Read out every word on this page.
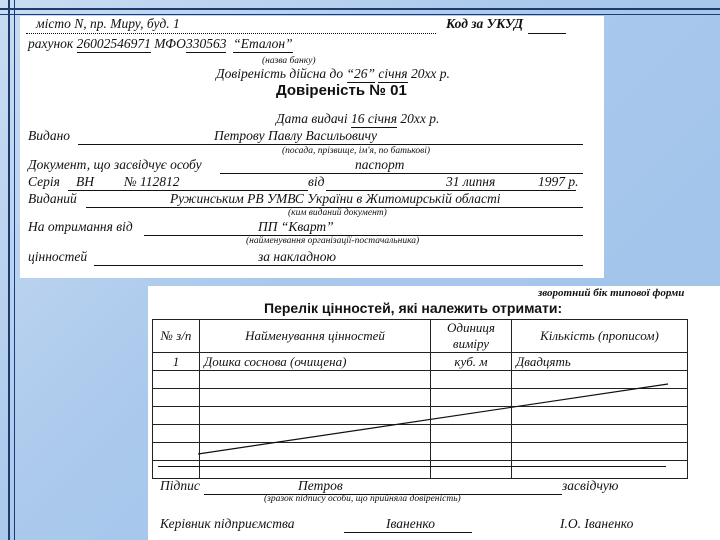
місто N, пр. Миру, буд. 1	Код за УКУД
рахунок 26002546971 МФО330563 “Еталон”
(назва банку)
Довіреність дійсна до “26” січня 20хх р.
Довіреність № 01
Дата видачі 16 січня 20хх р.
Видано	Петрову Павлу Васильовичу
(посада, прізвище, ім'я, по батькові)
Документ, що засвідчує особу	паспорт
Серія ВН № 112812	від	31 липня	1997 р.
Виданий	Ружинським РВ УМВС України в Житомирській області
(ким виданий документ)
На отримання від	ПП “Кварт”
(найменування організації-постачальника)
цінностей	за накладною
зворотний бік типової форми
Перелік цінностей, які належить отримати:
№ з/п	Найменування цінностей	Одиниця виміру	Кількість (прописом)
1	Дошка соснова (очищена)	куб. м	Двадцять

Підпис	Петров	засвідчую
(зразок підпису особи, що прийняла довіреність)
Керівник підприємства	Іваненко	І.О. Іваненко
